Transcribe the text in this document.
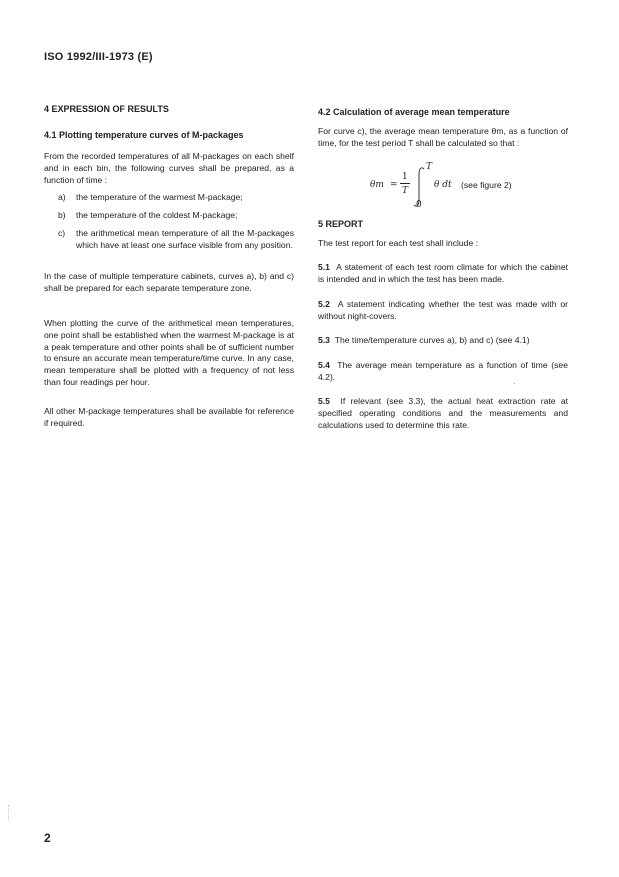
ISO 1992/III-1973 (E)
4 EXPRESSION OF RESULTS
4.1 Plotting temperature curves of M-packages
From the recorded temperatures of all M-packages on each shelf and in each bin, the following curves shall be prepared, as a function of time :
a) the temperature of the warmest M-package;
b) the temperature of the coldest M-package;
c) the arithmetical mean temperature of all the M-packages which have at least one surface visible from any position.
In the case of multiple temperature cabinets, curves a), b) and c) shall be prepared for each separate temperature zone.
When plotting the curve of the arithmetical mean temperatures, one point shall be established when the warmest M-package is at a peak temperature and other points shall be of sufficient number to ensure an accurate mean temperature/time curve. In any case, mean temperature shall be plotted with a frequency of not less than four readings per hour.
All other M-package temperatures shall be available for reference if required.
4.2 Calculation of average mean temperature
For curve c), the average mean temperature θm, as a function of time, for the test period T shall be calculated so that :
θm =
1
T
T
0
θ dt (see figure 2)
5 REPORT
The test report for each test shall include :
5.1 A statement of each test room climate for which the cabinet is intended and in which the test has been made.
5.2 A statement indicating whether the test was made with or without night-covers.
5.3 The time/temperature curves a), b) and c) (see 4.1)
5.4 The average mean temperature as a function of time (see 4.2).
5.5 If relevant (see 3.3), the actual heat extraction rate at specified operating conditions and the measurements and calculations used to determine this rate.
2
